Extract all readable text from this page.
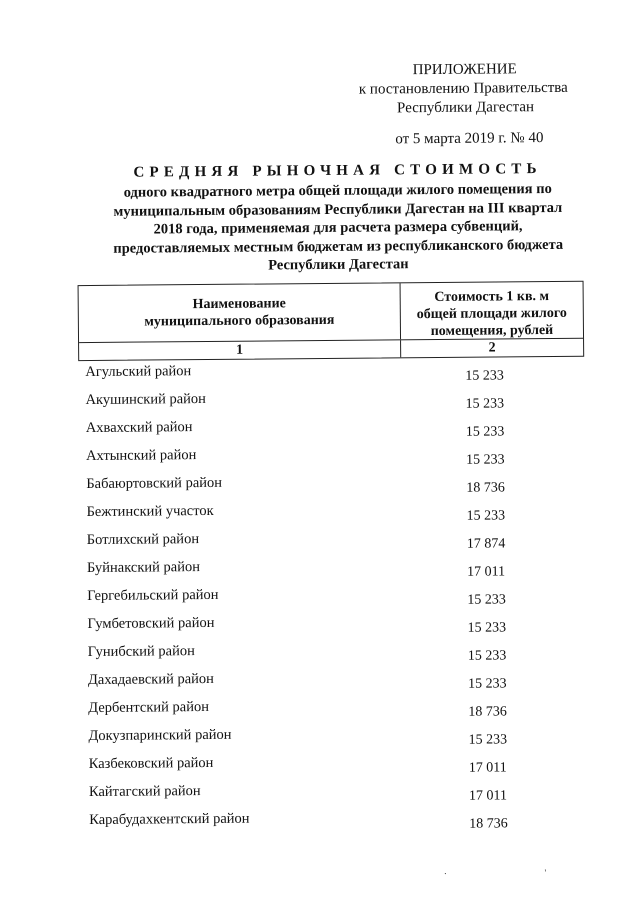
ПРИЛОЖЕНИЕ
к постановлению Правительства
Республики Дагестан
от 5 марта 2019 г. № 40
СРЕДНЯЯ РЫНОЧНАЯ СТОИМОСТЬ
одного квадратного метра общей площади жилого помещения по
муниципальным образованиям Республики Дагестан на III квартал
2018 года, применяемая для расчета размера субвенций,
предоставляемых местным бюджетам из республиканского бюджета
Республики Дагестан
Наименование
муниципального образования
Стоимость 1 кв. м
общей площади жилого
помещения, рублей
1	2
Агульский район	15 233
Акушинский район	15 233
Ахвахский район	15 233
Ахтынский район	15 233
Бабаюртовский район	18 736
Бежтинский участок	15 233
Ботлихский район	17 874
Буйнакский район	17 011
Гергебильский район	15 233
Гумбетовский район	15 233
Гунибский район	15 233
Дахадаевский район	15 233
Дербентский район	18 736
Докузпаринский район	15 233
Казбековский район	17 011
Кайтагский район	17 011
Карабудахкентский район	18 736
·                                       '
